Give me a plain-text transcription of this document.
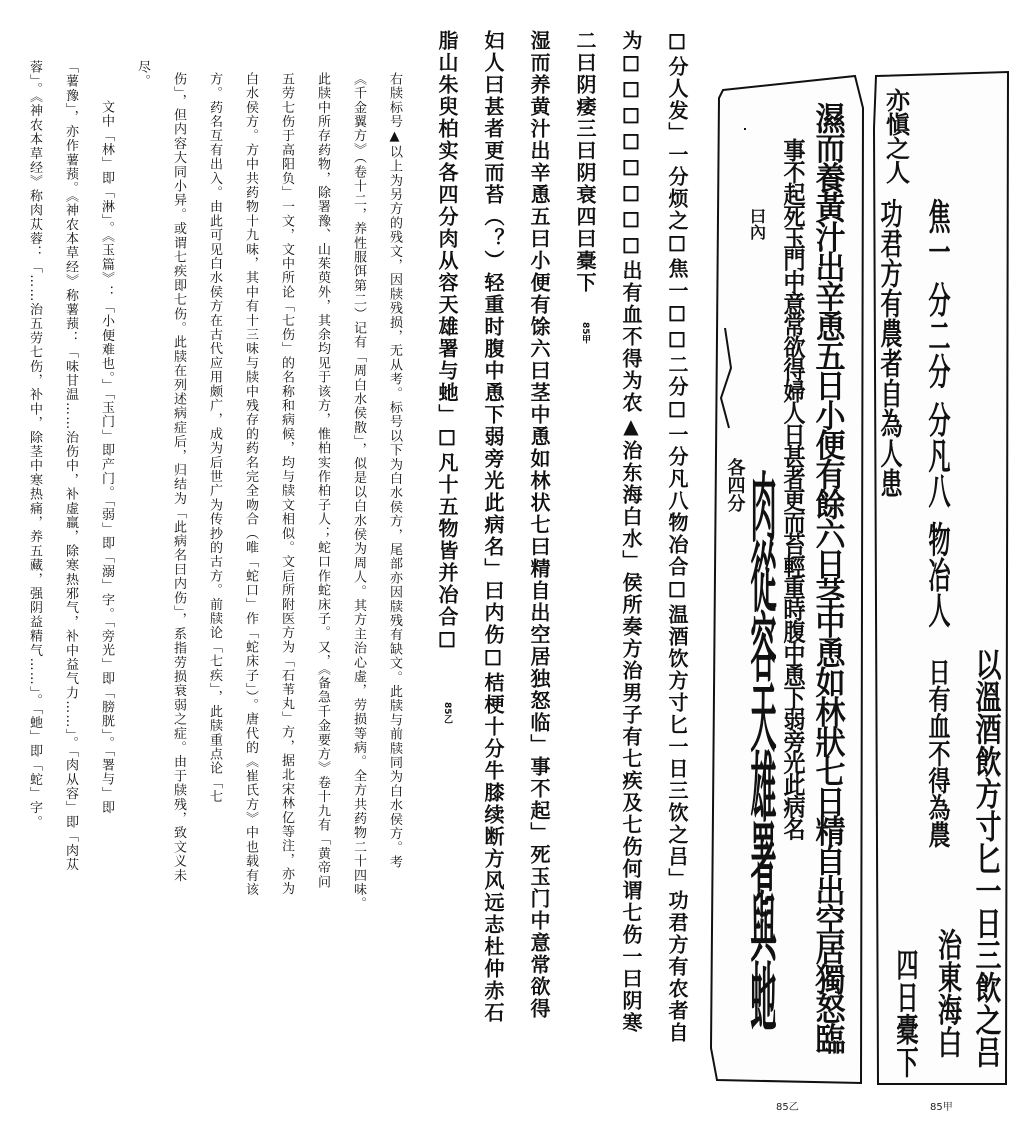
☐分人发」一分烦之☐焦一☐☐二分☐一分凡八物冶合☐温酒饮方寸匕一日三饮之吕」功君方有农者自
为☐☐☐☐☐☐☐☐出有血不得为农▲治东海白水」侯所奏方治男子有七疾及七伤何谓七伤一曰阴寒
二曰阴痿三曰阴衰四曰橐下
85甲
湿而养黄汁出辛恿五曰小便有馀六曰茎中恿如林状七曰精自出空居独怒临」事不起」死玉门中意常欲得
妇人曰甚者更而苔（？）轻重时腹中恿下弱旁光此病名」曰内伤☐桔梗十分牛膝续断方风远志杜仲赤石
脂山朱臾柏实各四分肉从容天雄署与虵」☐凡十五物皆并冶合☐
85乙
右牍标号▲以上为另方的残文，因牍残损，无从考。标号以下为白水侯方，尾部亦因牍残有缺文。此牍与前牍同为白水侯方。考
《千金翼方》（卷十二，养性服饵第二）记有「周白水侯散」，似是以白水侯为周人。其方主治心虚，劳损等病。全方共药物二十四味。
此牍中所存药物，除署豫、山茱萸外，其余均见于该方，惟柏实作柏子人；蛇口作蛇床子。又，《备急千金要方》卷十九有「黄帝问
五劳七伤于高阳负」一文，文中所论「七伤」的名称和病候，均与牍文相似。文后所附医方为「石苇丸」方，据北宋林亿等注，亦为
白水侯方。方中共药物十九味，其中有十三味与牍中残存的药名完全吻合（唯「蛇口」作「蛇床子」）。唐代的《崔氏方》中也载有该
方。药名互有出入。由此可见白水侯方在古代应用颇广，成为后世广为传抄的古方。前牍论「七疾」，此牍重点论「七
伤」，但内容大同小异。或谓七疾即七伤。此牍在列述病症后，归结为「此病名曰内伤」，系指劳损衰弱之症。由于牍残，致文义未
尽。
文中「林」即「淋」。《玉篇》：「小便难也。」「玉门」即产门。「弱」即「溺」字。「旁光」即「膀胱」。「署与」即
「薯豫」，亦作薯蓣。《神农本草经》称薯蓣：「味甘温……治伤中，补虚羸，除寒热邪气，补中益气力……」。「肉从容」即「肉苁
蓉」。《神农本草经》称肉苁蓉：「……治五劳七伤，补中，除茎中寒热痛，养五藏，强阴益精气……」。「虵」即「蛇」字。	濕而養黃汁出辛恿五日小便有餘六日茎中恿如林狀七日精自出空居獨怒臨
事不起死玉門中意常欲得婦人日甚者更而苔輕重時腹中恿下弱旁光此病名
曰內
肉從容天雄署與虵
各四分
85乙
亦愼之人
功君方有農者自為人患 焦一 分二分 分凡八 物冶人
以溫酒飲方寸匕一日三飲之吕
日有血不得為農
治東海白
四日橐下
85甲
